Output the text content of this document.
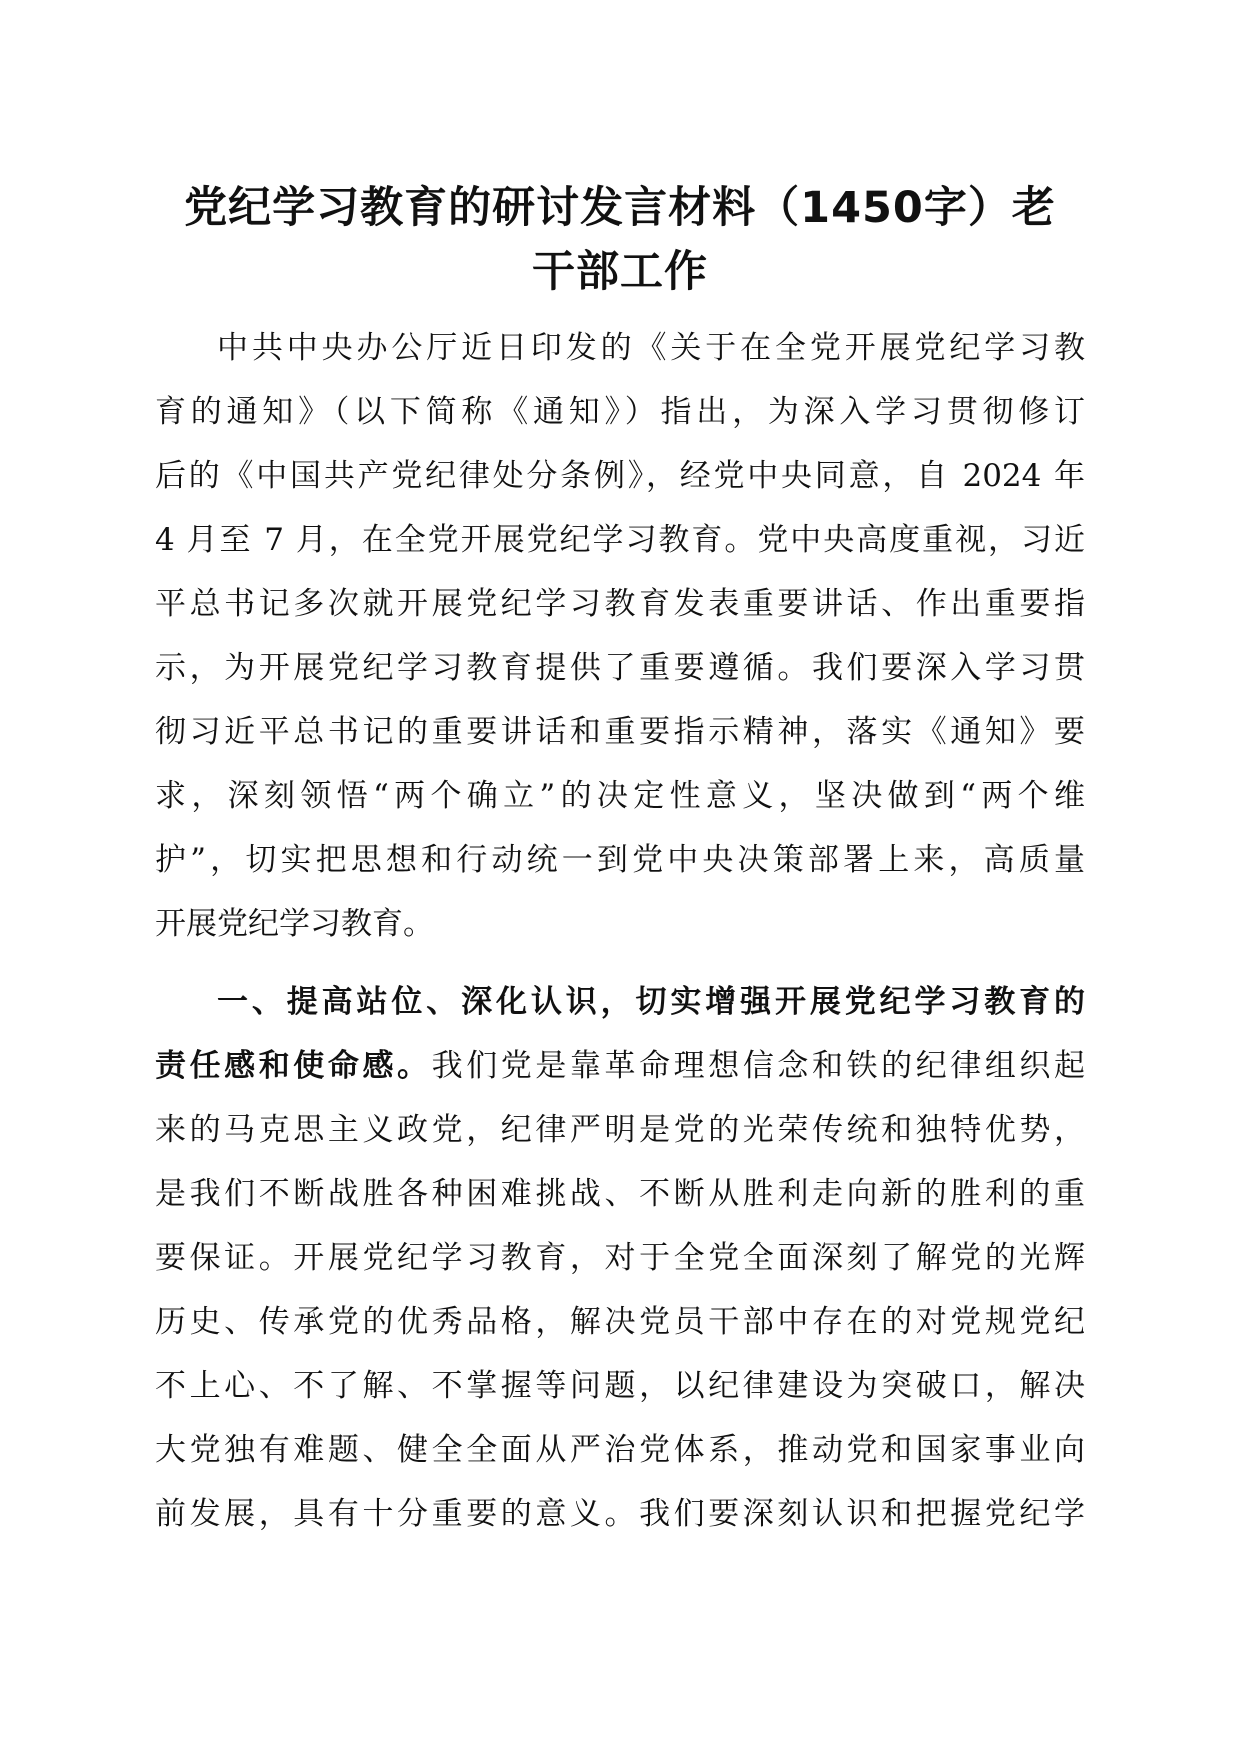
党纪学习教育的研讨发言材料（1450字）老
干部工作
中共中央办公厅近日印发的《关于在全党开展党纪学习教
育的通知》（以下简称《通知》）指出，为深入学习贯彻修订
后的《中国共产党纪律处分条例》，经党中央同意，自 2024 年
4 月至 7 月，在全党开展党纪学习教育。党中央高度重视，习近
平总书记多次就开展党纪学习教育发表重要讲话、作出重要指
示，为开展党纪学习教育提供了重要遵循。我们要深入学习贯
彻习近平总书记的重要讲话和重要指示精神，落实《通知》要
求，深刻领悟“两个确立”的决定性意义，坚决做到“两个维
护”，切实把思想和行动统一到党中央决策部署上来，高质量
开展党纪学习教育。
一、提高站位、深化认识，切实增强开展党纪学习教育的
责任感和使命感。我们党是靠革命理想信念和铁的纪律组织起
来的马克思主义政党，纪律严明是党的光荣传统和独特优势，
是我们不断战胜各种困难挑战、不断从胜利走向新的胜利的重
要保证。开展党纪学习教育，对于全党全面深刻了解党的光辉
历史、传承党的优秀品格，解决党员干部中存在的对党规党纪
不上心、不了解、不掌握等问题，以纪律建设为突破口，解决
大党独有难题、健全全面从严治党体系，推动党和国家事业向
前发展，具有十分重要的意义。我们要深刻认识和把握党纪学
